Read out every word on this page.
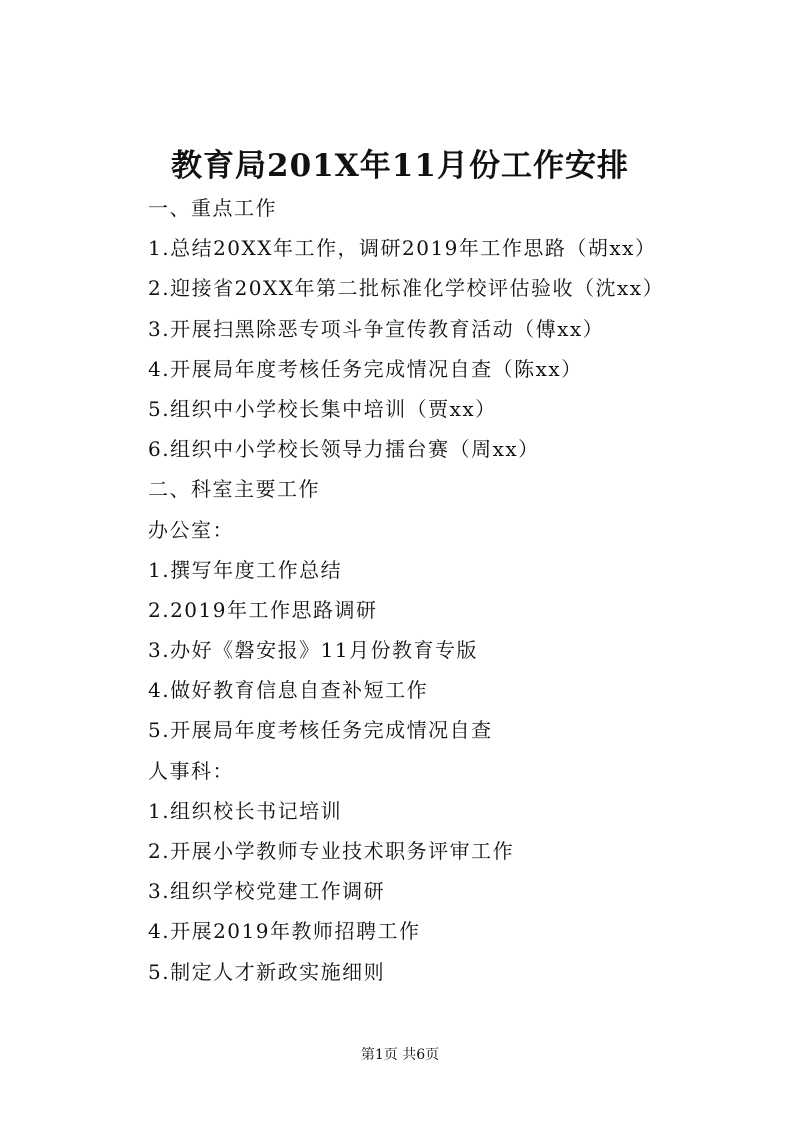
教育局201X年11月份工作安排
一、重点工作
1.总结20XX年工作，调研2019年工作思路（胡xx）
2.迎接省20XX年第二批标准化学校评估验收（沈xx）
3.开展扫黑除恶专项斗争宣传教育活动（傅xx）
4.开展局年度考核任务完成情况自查（陈xx）
5.组织中小学校长集中培训（贾xx）
6.组织中小学校长领导力擂台赛（周xx）
二、科室主要工作
办公室：
1.撰写年度工作总结
2.2019年工作思路调研
3.办好《磐安报》11月份教育专版
4.做好教育信息自查补短工作
5.开展局年度考核任务完成情况自查
人事科：
1.组织校长书记培训
2.开展小学教师专业技术职务评审工作
3.组织学校党建工作调研
4.开展2019年教师招聘工作
5.制定人才新政实施细则
第1页 共6页
